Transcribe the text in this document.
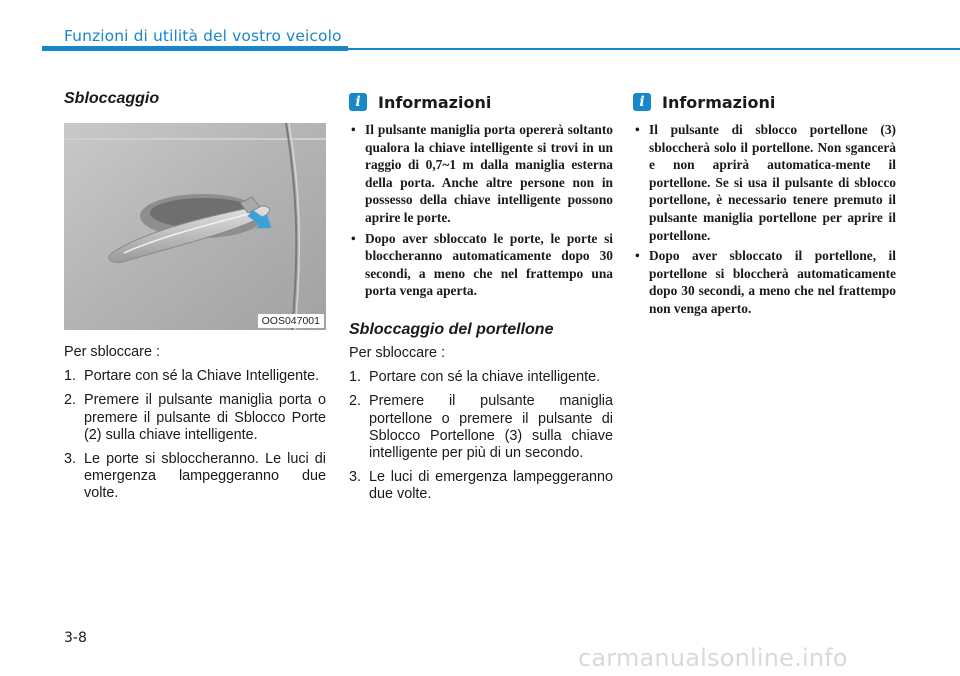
Funzioni di utilità del vostro veicolo
Sbloccaggio
OOS047001

Per sbloccare :

1. Portare con sé la Chiave Intelligente.
2. Premere il pulsante maniglia porta o premere il pulsante di Sblocco Porte (2) sulla chiave intelligente.
3. Le porte si sbloccheranno. Le luci di emergenza lampeggeranno due volte.
i	Informazioni
• Il pulsante maniglia porta opererà soltanto qualora la chiave intelligente si trovi in un raggio di 0,7~1 m dalla maniglia esterna della porta. Anche altre persone non in possesso della chiave intelligente possono aprire le porte.
• Dopo aver sbloccato le porte, le porte si bloccheranno automaticamente dopo 30 secondi, a meno che nel frattempo una porta venga aperta.
Sbloccaggio del portellone

Per sbloccare :

1. Portare con sé la chiave intelligente.
2. Premere il pulsante maniglia portellone o premere il pulsante di Sblocco Portellone (3) sulla chiave intelligente per più di un secondo.
3. Le luci di emergenza lampeggeranno due volte.
i	Informazioni
• Il pulsante di sblocco portellone (3) sbloccherà solo il portellone. Non sgancerà e non aprirà automatica-mente il portellone. Se si usa il pulsante di sblocco portellone, è necessario tenere premuto il pulsante maniglia portellone per aprire il portellone.
• Dopo aver sbloccato il portellone, il portellone si bloccherà automaticamente dopo 30 secondi, a meno che nel frattempo non venga aperto.
3-8
carmanualsonline.info
